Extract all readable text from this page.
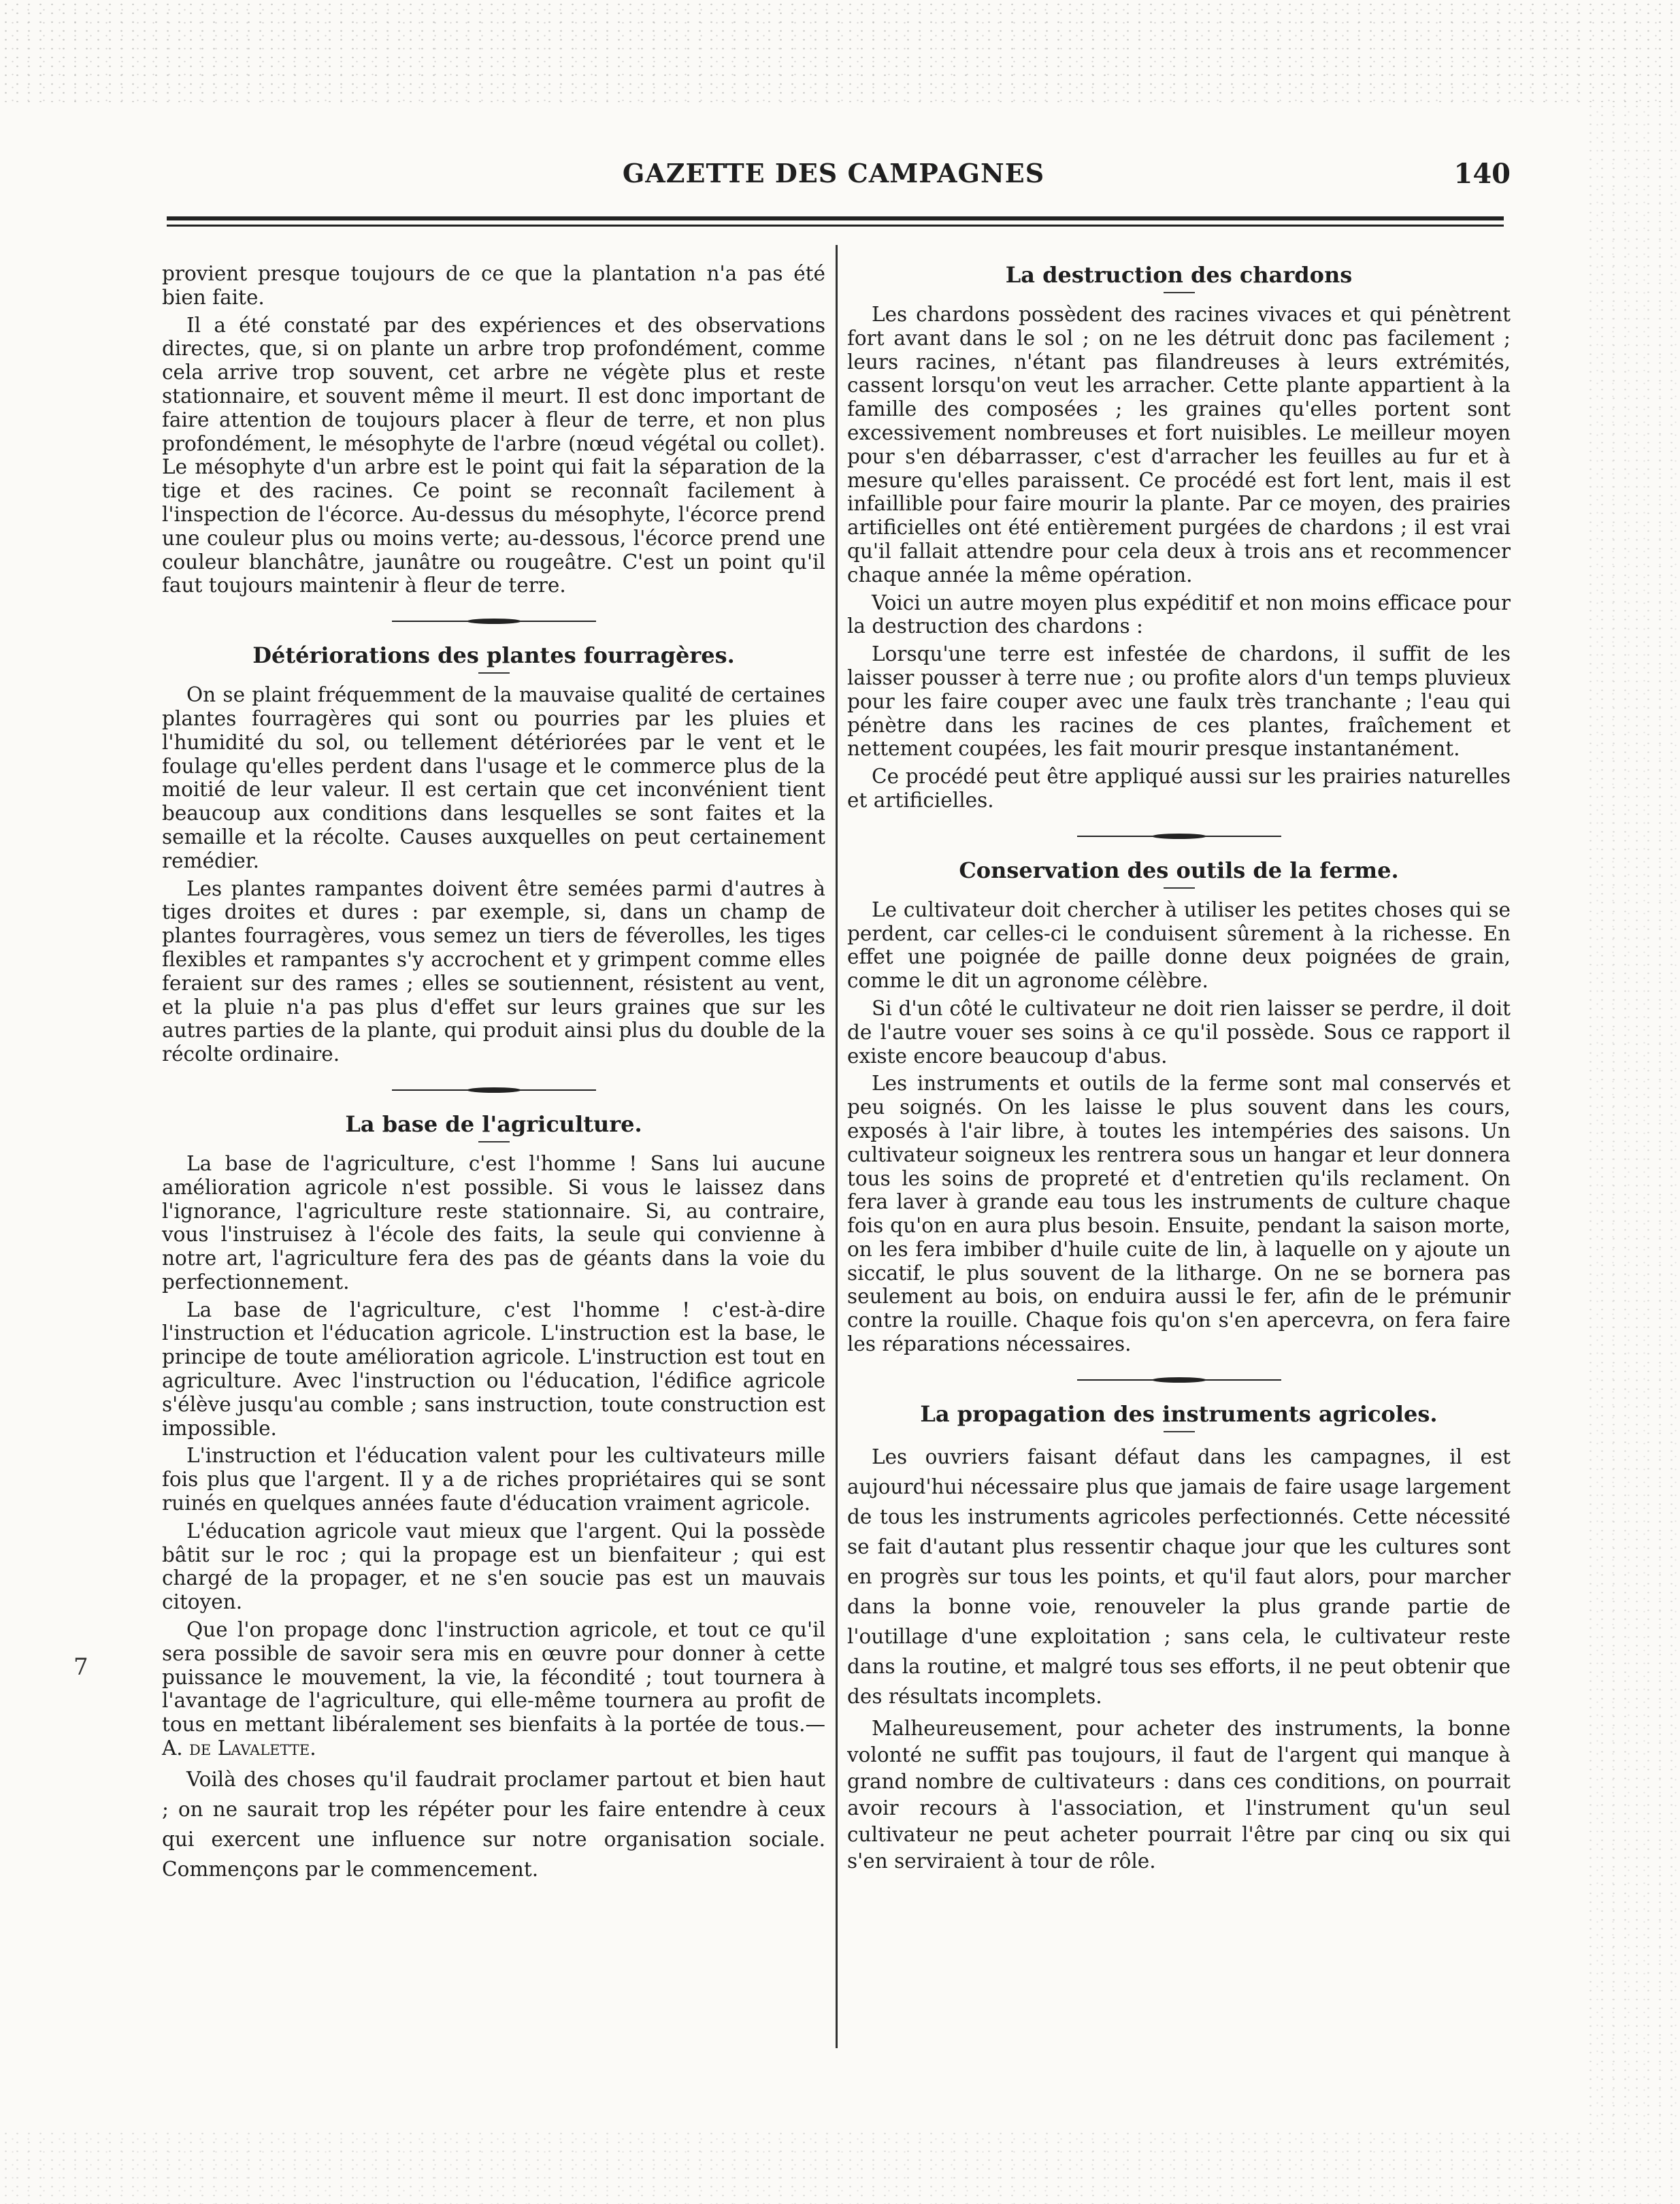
GAZETTE DES CAMPAGNES	140
7

provient presque toujours de ce que la plantation n'a pas été bien faite.

Il a été constaté par des expériences et des observations directes, que, si on plante un arbre trop profondément, comme cela arrive trop souvent, cet arbre ne végète plus et reste stationnaire, et souvent même il meurt. Il est donc important de faire attention de toujours placer à fleur de terre, et non plus profondément, le mésophyte de l'arbre (nœud végétal ou collet). Le mésophyte d'un arbre est le point qui fait la séparation de la tige et des racines. Ce point se reconnaît facilement à l'inspection de l'écorce. Au-dessus du mésophyte, l'écorce prend une couleur plus ou moins verte; au-dessous, l'écorce prend une couleur blanchâtre, jaunâtre ou rougeâtre. C'est un point qu'il faut toujours maintenir à fleur de terre.

Détériorations des plantes fourragères.

On se plaint fréquemment de la mauvaise qualité de certaines plantes fourragères qui sont ou pourries par les pluies et l'humidité du sol, ou tellement détériorées par le vent et le foulage qu'elles perdent dans l'usage et le commerce plus de la moitié de leur valeur. Il est certain que cet inconvénient tient beaucoup aux conditions dans lesquelles se sont faites et la semaille et la récolte. Causes auxquelles on peut certainement remédier.

Les plantes rampantes doivent être semées parmi d'autres à tiges droites et dures : par exemple, si, dans un champ de plantes fourragères, vous semez un tiers de féverolles, les tiges flexibles et rampantes s'y accrochent et y grimpent comme elles feraient sur des rames ; elles se soutiennent, résistent au vent, et la pluie n'a pas plus d'effet sur leurs graines que sur les autres parties de la plante, qui produit ainsi plus du double de la récolte ordinaire.

La base de l'agriculture.

La base de l'agriculture, c'est l'homme ! Sans lui aucune amélioration agricole n'est possible. Si vous le laissez dans l'ignorance, l'agriculture reste stationnaire. Si, au contraire, vous l'instruisez à l'école des faits, la seule qui convienne à notre art, l'agriculture fera des pas de géants dans la voie du perfectionnement.

La base de l'agriculture, c'est l'homme ! c'est-à-dire l'instruction et l'éducation agricole. L'instruction est la base, le principe de toute amélioration agricole. L'instruction est tout en agriculture. Avec l'instruction ou l'éducation, l'édifice agricole s'élève jusqu'au comble ; sans instruction, toute construction est impossible.

L'instruction et l'éducation valent pour les cultivateurs mille fois plus que l'argent. Il y a de riches propriétaires qui se sont ruinés en quelques années faute d'éducation vraiment agricole.

L'éducation agricole vaut mieux que l'argent. Qui la possède bâtit sur le roc ; qui la propage est un bienfaiteur ; qui est chargé de la propager, et ne s'en soucie pas est un mauvais citoyen.

Que l'on propage donc l'instruction agricole, et tout ce qu'il sera possible de savoir sera mis en œuvre pour donner à cette puissance le mouvement, la vie, la fécondité ; tout tournera à l'avantage de l'agriculture, qui elle-même tournera au profit de tous en mettant libéralement ses bienfaits à la portée de tous.—A. de Lavalette.

Voilà des choses qu'il faudrait proclamer partout et bien haut ; on ne saurait trop les répéter pour les faire entendre à ceux qui exercent une influence sur notre organisation sociale. Commençons par le commencement.

La destruction des chardons

Les chardons possèdent des racines vivaces et qui pénètrent fort avant dans le sol ; on ne les détruit donc pas facilement ; leurs racines, n'étant pas filandreuses à leurs extrémités, cassent lorsqu'on veut les arracher. Cette plante appartient à la famille des composées ; les graines qu'elles portent sont excessivement nombreuses et fort nuisibles. Le meilleur moyen pour s'en débarrasser, c'est d'arracher les feuilles au fur et à mesure qu'elles paraissent. Ce procédé est fort lent, mais il est infaillible pour faire mourir la plante. Par ce moyen, des prairies artificielles ont été entièrement purgées de chardons ; il est vrai qu'il fallait attendre pour cela deux à trois ans et recommencer chaque année la même opération.

Voici un autre moyen plus expéditif et non moins efficace pour la destruction des chardons :

Lorsqu'une terre est infestée de chardons, il suffit de les laisser pousser à terre nue ; ou profite alors d'un temps pluvieux pour les faire couper avec une faulx très tranchante ; l'eau qui pénètre dans les racines de ces plantes, fraîchement et nettement coupées, les fait mourir presque instantanément.

Ce procédé peut être appliqué aussi sur les prairies naturelles et artificielles.

Conservation des outils de la ferme.

Le cultivateur doit chercher à utiliser les petites choses qui se perdent, car celles-ci le conduisent sûrement à la richesse. En effet une poignée de paille donne deux poignées de grain, comme le dit un agronome célèbre.

Si d'un côté le cultivateur ne doit rien laisser se perdre, il doit de l'autre vouer ses soins à ce qu'il possède. Sous ce rapport il existe encore beaucoup d'abus.

Les instruments et outils de la ferme sont mal conservés et peu soignés. On les laisse le plus souvent dans les cours, exposés à l'air libre, à toutes les intempéries des saisons. Un cultivateur soigneux les rentrera sous un hangar et leur donnera tous les soins de propreté et d'entretien qu'ils reclament. On fera laver à grande eau tous les instruments de culture chaque fois qu'on en aura plus besoin. Ensuite, pendant la saison morte, on les fera imbiber d'huile cuite de lin, à laquelle on y ajoute un siccatif, le plus souvent de la litharge. On ne se bornera pas seulement au bois, on enduira aussi le fer, afin de le prémunir contre la rouille. Chaque fois qu'on s'en apercevra, on fera faire les réparations nécessaires.

La propagation des instruments agricoles.

Les ouvriers faisant défaut dans les campagnes, il est aujourd'hui nécessaire plus que jamais de faire usage largement de tous les instruments agricoles perfectionnés. Cette nécessité se fait d'autant plus ressentir chaque jour que les cultures sont en progrès sur tous les points, et qu'il faut alors, pour marcher dans la bonne voie, renouveler la plus grande partie de l'outillage d'une exploitation ; sans cela, le cultivateur reste dans la routine, et malgré tous ses efforts, il ne peut obtenir que des résultats incomplets.

Malheureusement, pour acheter des instruments, la bonne volonté ne suffit pas toujours, il faut de l'argent qui manque à grand nombre de cultivateurs : dans ces conditions, on pourrait avoir recours à l'association, et l'instrument qu'un seul cultivateur ne peut acheter pourrait l'être par cinq ou six qui s'en serviraient à tour de rôle.
